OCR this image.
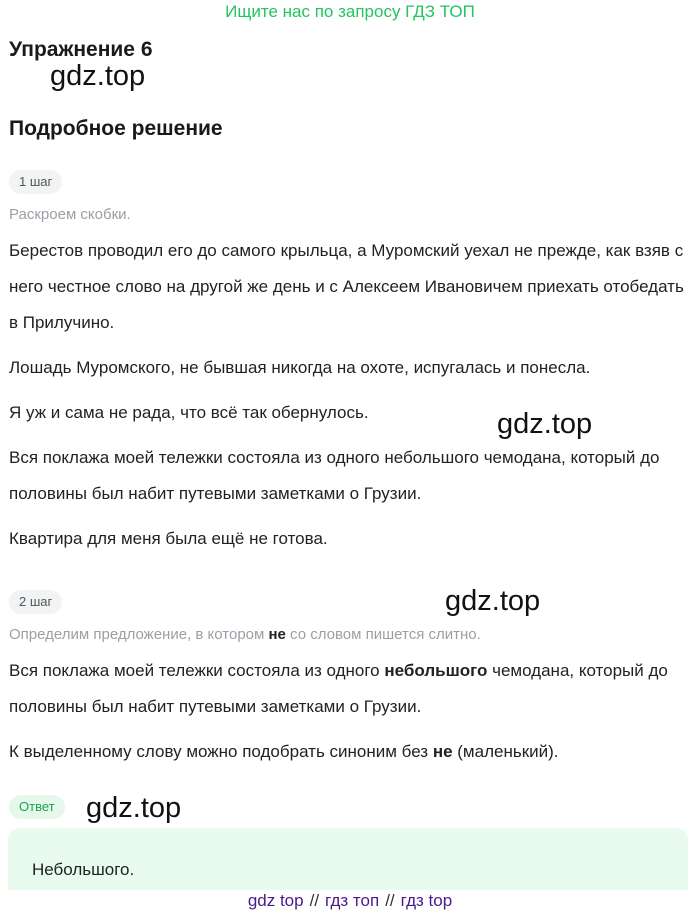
Ищите нас по запросу ГДЗ ТОП
Упражнение 6
gdz.top
Подробное решение
1 шаг

Раскроем скобки.

Берестов проводил его до самого крыльца, а Муромский уехал не прежде, как взяв с него честное слово на другой же день и с Алексеем Ивановичем приехать отобедать в Прилучино.

Лошадь Муромского, не бывшая никогда на охоте, испугалась и понесла.

Я уж и сама не рада, что всё так обернулось.	gdz.top

Вся поклажа моей тележки состояла из одного небольшого чемодана, который до половины был набит путевыми заметками о Грузии.

Квартира для меня была ещё не готова.

2 шаг	gdz.top

Определим предложение, в котором не со словом пишется слитно.

Вся поклажа моей тележки состояла из одного небольшого чемодана, который до половины был набит путевыми заметками о Грузии.

К выделенному слову можно подобрать синоним без не (маленький).

Ответ	gdz.top
Небольшого.
gdz top // гдз топ // гдз top
